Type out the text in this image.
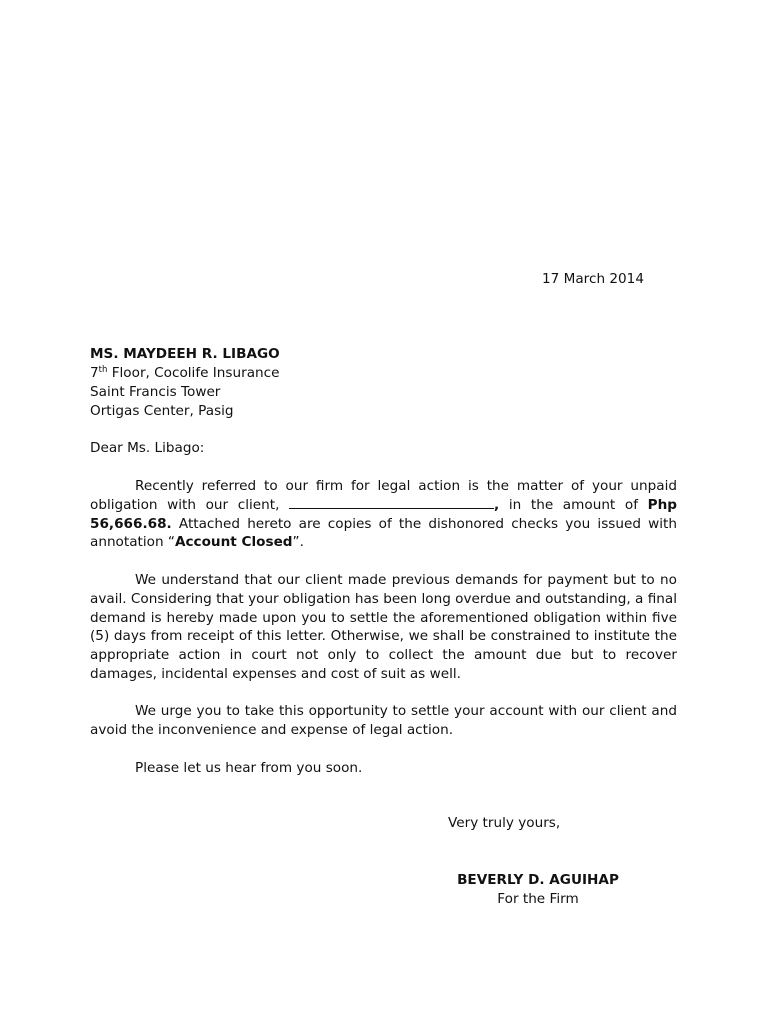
17 March 2014
MS. MAYDEEH R. LIBAGO
7th Floor, Cocolife Insurance
Saint Francis Tower
Ortigas Center, Pasig
Dear Ms. Libago:

Recently referred to our firm for legal action is the matter of your unpaid obligation with our client,	, in the amount of Php 56,666.68. Attached hereto are copies of the dishonored checks you issued with annotation “Account Closed”.

We understand that our client made previous demands for payment but to no avail. Considering that your obligation has been long overdue and outstanding, a final demand is hereby made upon you to settle the aforementioned obligation within five (5) days from receipt of this letter. Otherwise, we shall be constrained to institute the appropriate action in court not only to collect the amount due but to recover damages, incidental expenses and cost of suit as well.

We urge you to take this opportunity to settle your account with our client and avoid the inconvenience and expense of legal action.

Please let us hear from you soon.

Very truly yours,
BEVERLY D. AGUIHAP
For the Firm
